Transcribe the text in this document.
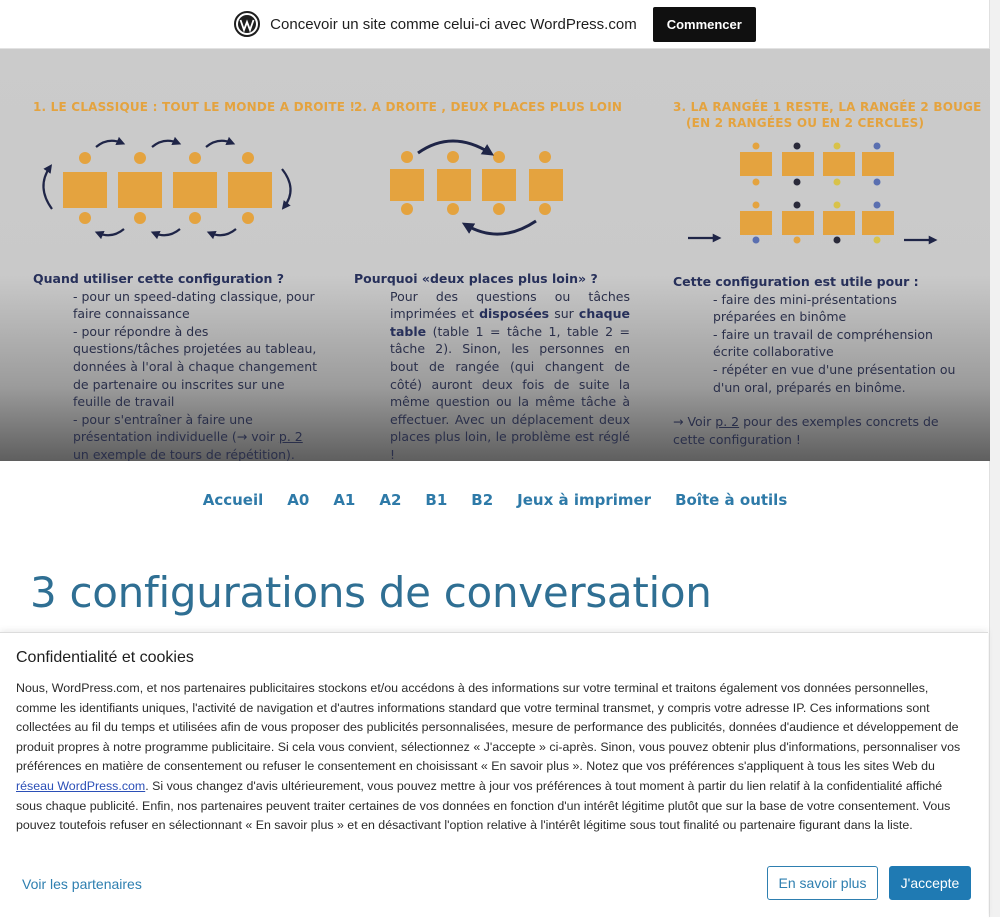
Concevoir un site comme celui-ci avec WordPress.com	Commencer
1. LE CLASSIQUE : TOUT LE MONDE A DROITE !
Quand utiliser cette configuration ?
- pour un speed-dating classique, pour faire connaissance
- pour répondre à des questions/tâches projetées au tableau, données à l'oral à chaque changement de partenaire ou inscrites sur une feuille de travail
- pour s'entraîner à faire une présentation individuelle (→ voir p. 2 un exemple de tours de répétition).
2. A DROITE , DEUX PLACES PLUS LOIN
Pourquoi «deux places plus loin» ?
Pour des questions ou tâches imprimées et disposées sur chaque table (table 1 = tâche 1, table 2 = tâche 2). Sinon, les personnes en bout de rangée (qui changent de côté) auront deux fois de suite la même question ou la même tâche à effectuer. Avec un déplacement deux places plus loin, le problème est réglé !
3. LA RANGÉE 1 RESTE, LA RANGÉE 2 BOUGE
(EN 2 RANGÉES OU EN 2 CERCLES)
Cette configuration est utile pour :
- faire des mini-présentations préparées en binôme
- faire un travail de compréhension écrite collaborative
- répéter en vue d'une présentation ou d'un oral, préparés en binôme.
→ Voir p. 2 pour des exemples concrets de cette configuration !
Accueil A0 A1 A2 B1 B2 Jeux à imprimer Boîte à outils
3 configurations de conversation
Confidentialité et cookies

Nous, WordPress.com, et nos partenaires publicitaires stockons et/ou accédons à des informations sur votre terminal et traitons également vos données personnelles, comme les identifiants uniques, l'activité de navigation et d'autres informations standard que votre terminal transmet, y compris votre adresse IP. Ces informations sont collectées au fil du temps et utilisées afin de vous proposer des publicités personnalisées, mesure de performance des publicités, données d'audience et développement de produit propres à notre programme publicitaire. Si cela vous convient, sélectionnez « J'accepte » ci-après. Sinon, vous pouvez obtenir plus d'informations, personnaliser vos préférences en matière de consentement ou refuser le consentement en choisissant « En savoir plus ». Notez que vos préférences s'appliquent à tous les sites Web du réseau WordPress.com. Si vous changez d'avis ultérieurement, vous pouvez mettre à jour vos préférences à tout moment à partir du lien relatif à la confidentialité affiché sous chaque publicité. Enfin, nos partenaires peuvent traiter certaines de vos données en fonction d'un intérêt légitime plutôt que sur la base de votre consentement. Vous pouvez toutefois refuser en sélectionnant « En savoir plus » et en désactivant l'option relative à l'intérêt légitime sous tout finalité ou partenaire figurant dans la liste.

Voir les partenaires	En savoir plus	J'accepte
